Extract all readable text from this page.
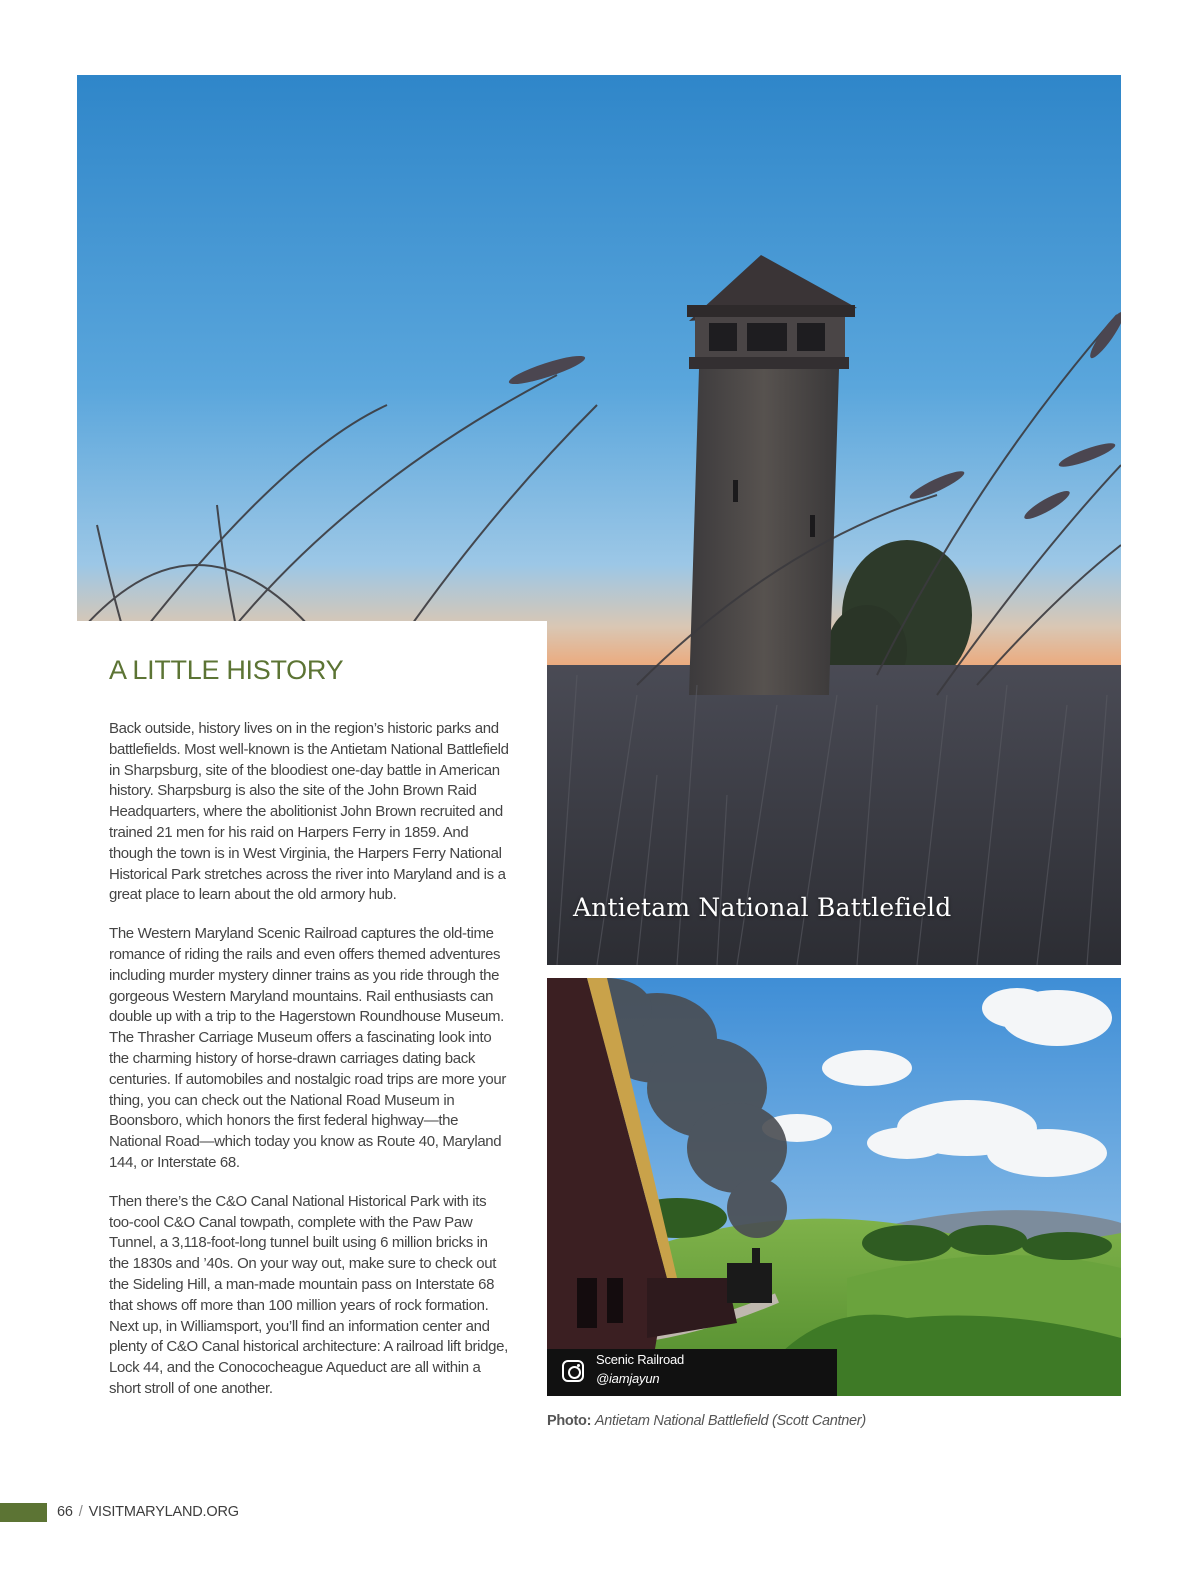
Antietam National Battlefield
A LITTLE HISTORY

Back outside, history lives on in the region’s historic parks and battlefields. Most well-known is the Antietam National Battlefield in Sharpsburg, site of the bloodiest one-day battle in American history. Sharpsburg is also the site of the John Brown Raid Headquarters, where the abolitionist John Brown recruited and trained 21 men for his raid on Harpers Ferry in 1859. And though the town is in West Virginia, the Harpers Ferry National Historical Park stretches across the river into Maryland and is a great place to learn about the old armory hub.

The Western Maryland Scenic Railroad captures the old-time romance of riding the rails and even offers themed adventures including murder mystery dinner trains as you ride through the gorgeous Western Maryland mountains. Rail enthusiasts can double up with a trip to the Hagerstown Roundhouse Museum. The Thrasher Carriage Museum offers a fascinating look into the charming history of horse-drawn carriages dating back centuries. If automobiles and nostalgic road trips are more your thing, you can check out the National Road Museum in Boonsboro, which honors the first federal highway—the National Road—which today you know as Route 40, Maryland 144, or Interstate 68.

Then there’s the C&O Canal National Historical Park with its too-cool C&O Canal towpath, complete with the Paw Paw Tunnel, a 3,118-foot-long tunnel built using 6 million bricks in the 1830s and ’40s. On your way out, make sure to check out the Sideling Hill, a man-made mountain pass on Interstate 68 that shows off more than 100 million years of rock formation. Next up, in Williamsport, you’ll find an information center and plenty of C&O Canal historical architecture: A railroad lift bridge, Lock 44, and the Conococheague Aqueduct are all within a short stroll of one another.

Scenic Railroad
@iamjayun
Photo: Antietam National Battlefield (Scott Cantner)
66 / VISITMARYLAND.ORG
